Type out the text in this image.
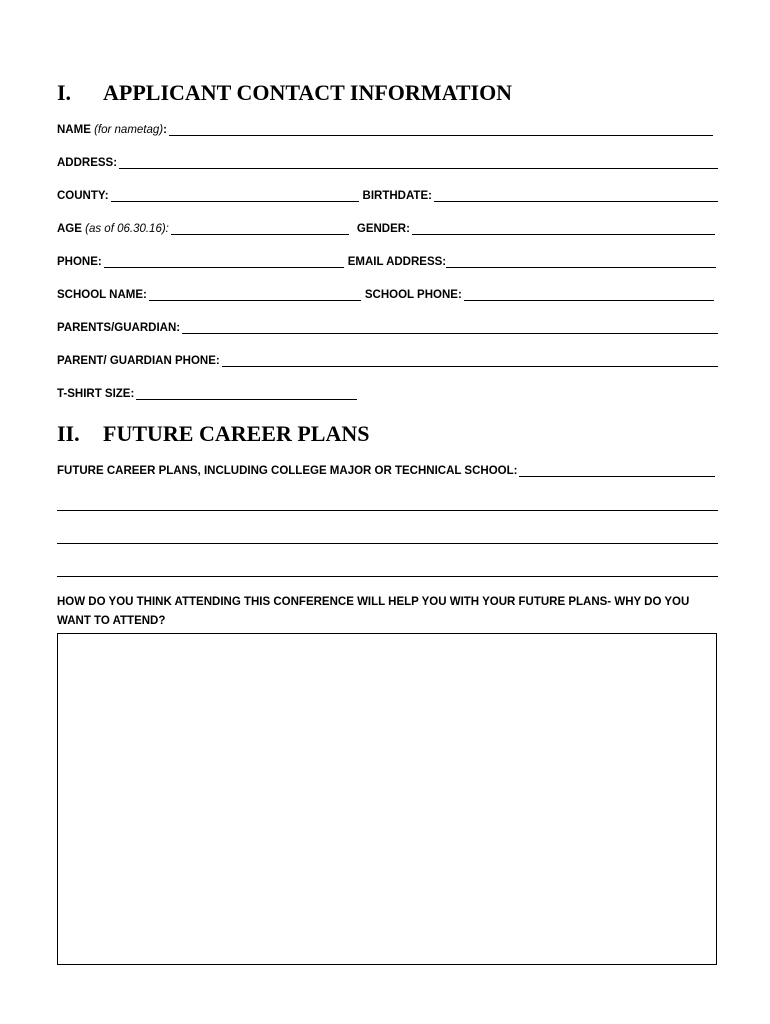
I. APPLICANT CONTACT INFORMATION
NAME (for nametag):
ADDRESS:
COUNTY:	BIRTHDATE:
AGE (as of 06.30.16):	GENDER:
PHONE:	EMAIL ADDRESS:
SCHOOL NAME:	SCHOOL PHONE:
PARENTS/GUARDIAN:
PARENT/ GUARDIAN PHONE:
T-SHIRT SIZE:
II. FUTURE CAREER PLANS
FUTURE CAREER PLANS, INCLUDING COLLEGE MAJOR OR TECHNICAL SCHOOL:
HOW DO YOU THINK ATTENDING THIS CONFERENCE WILL HELP YOU WITH YOUR FUTURE PLANS- WHY DO YOU WANT TO ATTEND?
